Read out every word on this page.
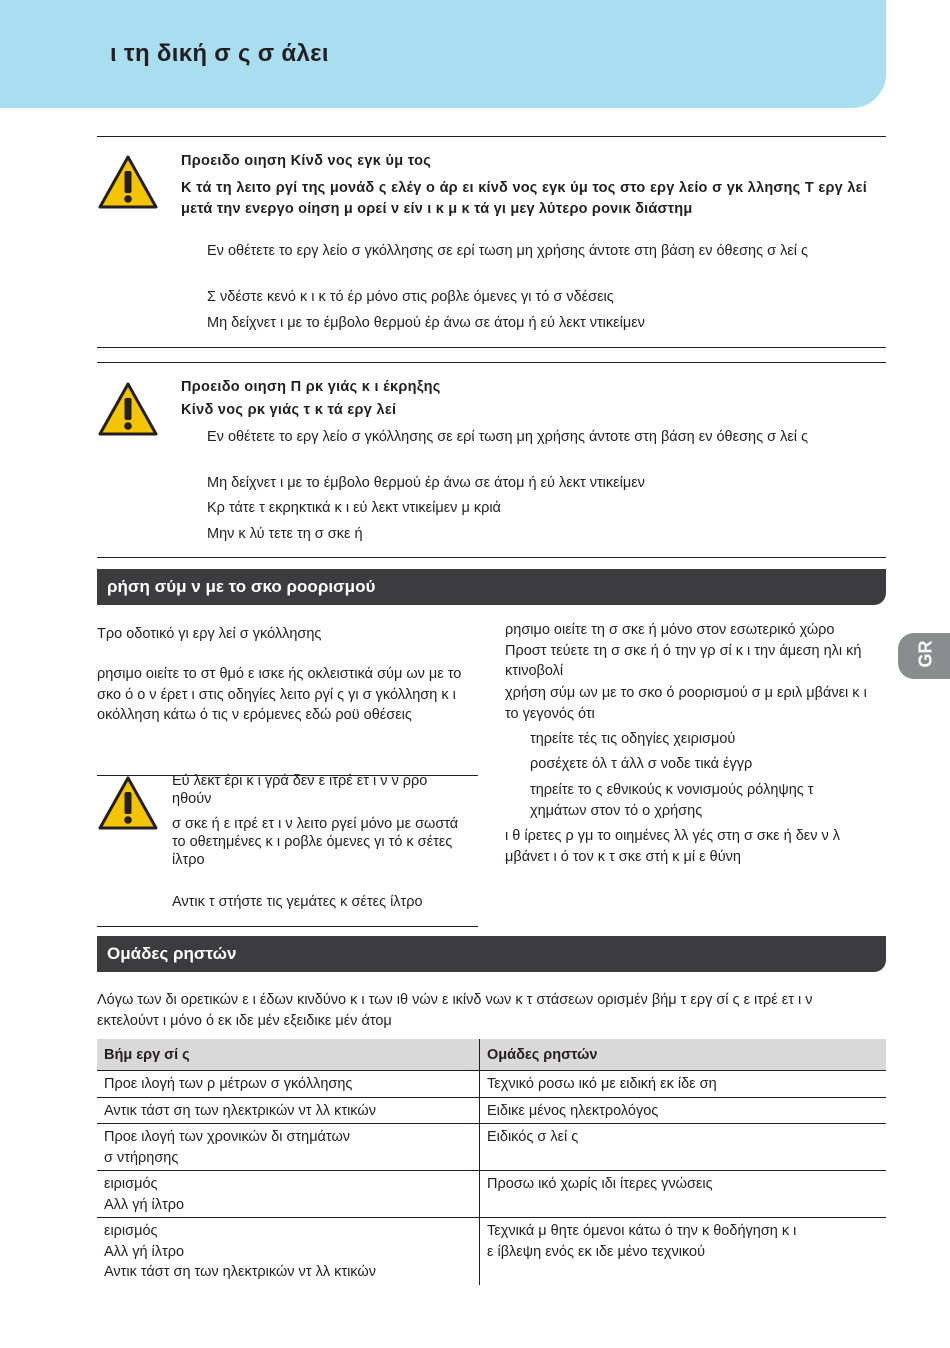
ι τη δική σ ς σ άλει
GR

Προειδο οιηση Κίνδ νος εγκ ύμ τος

Κ τά τη λειτο ργί της μονάδ ς ελέγ ο άρ ει κίνδ νος εγκ ύμ τος στο εργ λείο σ γκ λλησης Τ εργ λεί μετά την ενεργο οίηση μ ορεί ν είν ι κ μ κ τά γι μεγ λύτερο ρονικ διάστημ

Εν οθέτετε το εργ λείο σ γκόλλησης σε ερί τωση μη χρήσης άντοτε στη βάση εν όθεσης σ λεί ς

Σ νδέστε κενό κ ι κ τό έρ μόνο στις ροβλε όμενες γι τό σ νδέσεις

Μη δείχνετ ι με το έμβολο θερμού έρ άνω σε άτομ ή εύ λεκτ ντικείμεν

Προειδο οιηση Π ρκ γιάς κ ι έκρηξης

Κίνδ νος ρκ γιάς τ κ τά εργ λεί

Εν οθέτετε το εργ λείο σ γκόλλησης σε ερί τωση μη χρήσης άντοτε στη βάση εν όθεσης σ λεί ς

Μη δείχνετ ι με το έμβολο θερμού έρ άνω σε άτομ ή εύ λεκτ ντικείμεν

Κρ τάτε τ εκρηκτικά κ ι εύ λεκτ ντικείμεν μ κριά

Μην κ λύ τετε τη σ σκε ή

ρήση σύμ ν με το σκο ροορισμού

Τρο οδοτικό γι εργ λεί σ γκόλλησης

ρησιμο οιείτε το στ θμό ε ισκε ής οκλειστικά σύμ ων με το σκο ό ο ν έρετ ι στις οδηγίες λειτο ργί ς γι σ γκόλληση κ ι οκόλληση κάτω ό τις ν ερόμενες εδώ ροϋ οθέσεις

Εύ λεκτ έρι κ ι γρά δεν ε ιτρέ ετ ι ν ν ρρο ηθούν

σ σκε ή ε ιτρέ ετ ι ν λειτο ργεί μόνο με σωστά το οθετημένες κ ι ροβλε όμενες γι τό κ σέτες ίλτρο

Αντικ τ στήστε τις γεμάτες κ σέτες ίλτρο

ρησιμο οιείτε τη σ σκε ή μόνο στον εσωτερικό χώρο Προστ τεύετε τη σ σκε ή ό την γρ σί κ ι την άμεση ηλι κή κτινοβολί

χρήση σύμ ων με το σκο ό ροορισμού σ μ εριλ μβάνει κ ι το γεγονός ότι

τηρείτε τές τις οδηγίες χειρισμού

ροσέχετε όλ τ άλλ σ νοδε τικά έγγρ

τηρείτε το ς εθνικούς κ νονισμούς ρόληψης τ χημάτων στον τό ο χρήσης

ι θ ίρετες ρ γμ το οιημένες λλ γές στη σ σκε ή δεν ν λ μβάνετ ι ό τον κ τ σκε στή κ μί ε θύνη

Ομάδες ρηστών

Λόγω των δι ορετικών ε ι έδων κινδύνο κ ι των ιθ νών ε ικίνδ νων κ τ στάσεων ορισμέν βήμ τ εργ σί ς ε ιτρέ ετ ι ν εκτελούντ ι μόνο ό εκ ιδε μέν εξειδικε μέν άτομ

Βήμ εργ σί ς	Ομάδες ρηστών

Προε ιλογή των ρ μέτρων σ γκόλλησης	Τεχνικό ροσω ικό με ειδική εκ ίδε ση

Αντικ τάστ ση των ηλεκτρικών ντ λλ κτικών	Ειδικε μένος ηλεκτρολόγος

Προε ιλογή των χρονικών δι στημάτων
σ ντήρησης	Ειδικός σ λεί ς

ειρισμός
Αλλ γή ίλτρο	Προσω ικό χωρίς ιδι ίτερες γνώσεις

ειρισμός
Αλλ γή ίλτρο
Αντικ τάστ ση των ηλεκτρικών ντ λλ κτικών	Τεχνικά μ θητε όμενοι κάτω ό την κ θοδήγηση κ ι
ε ίβλεψη ενός εκ ιδε μένο τεχνικού
